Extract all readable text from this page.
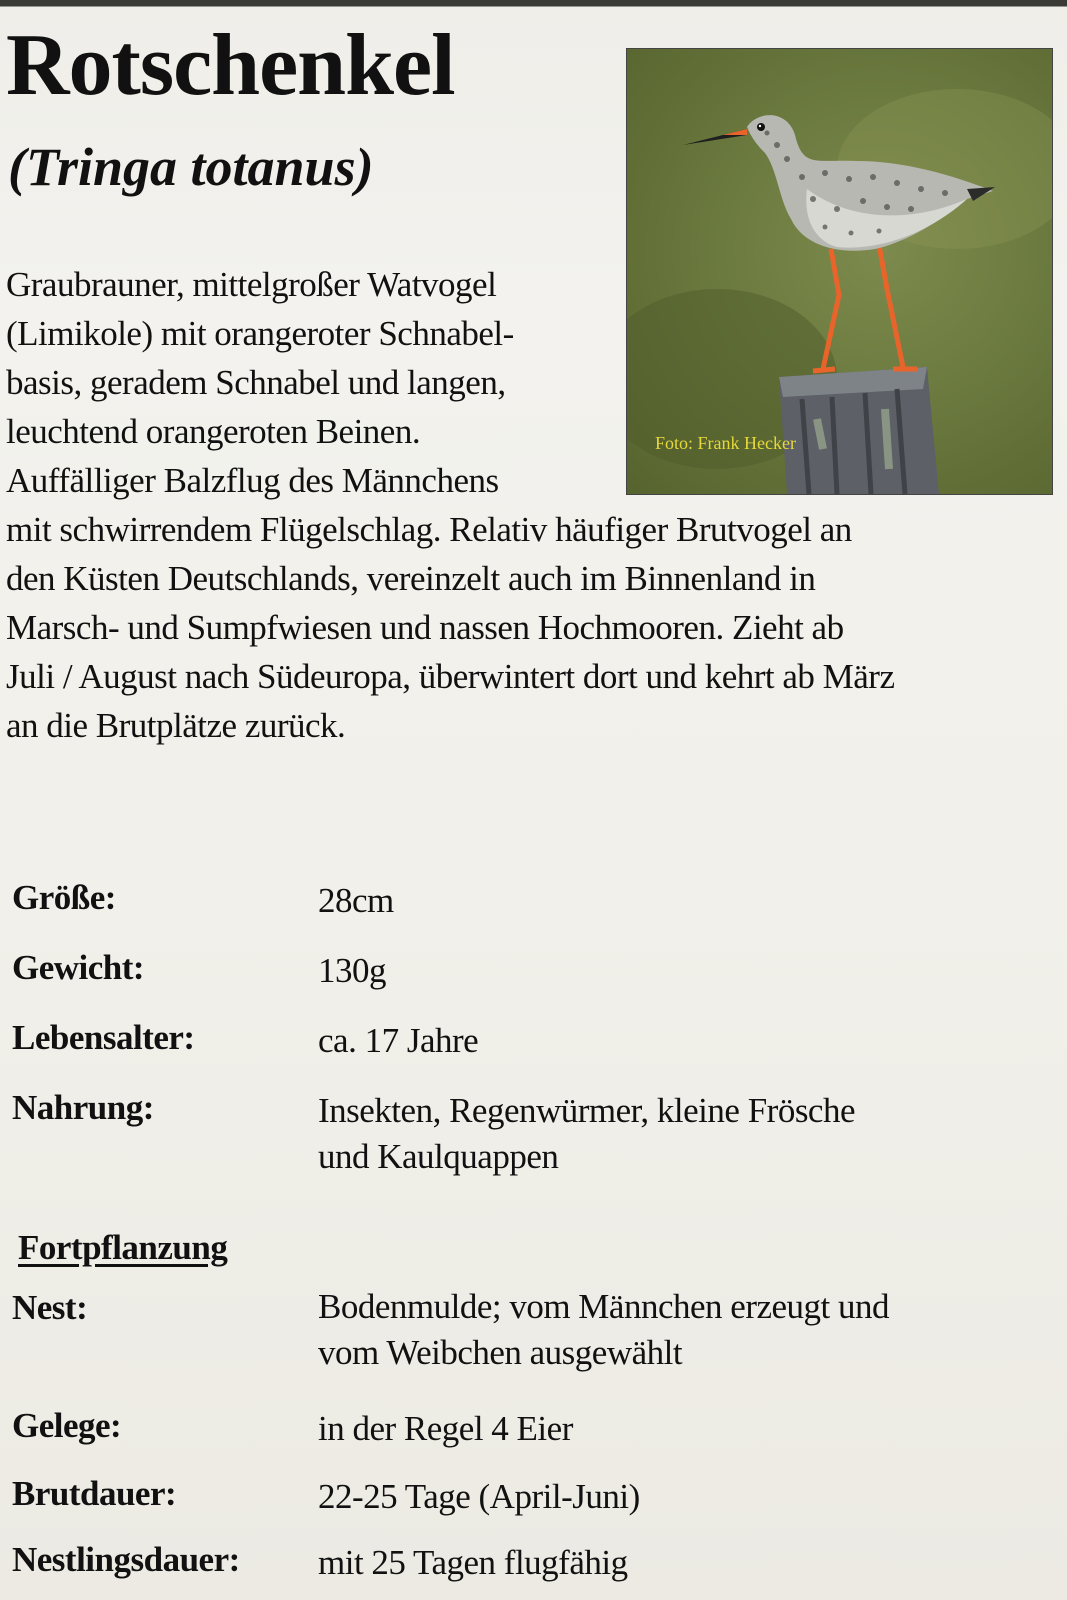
Rotschenkel
(Tringa totanus)
Foto: Frank Hecker
Graubrauner, mittelgroßer Watvogel
(Limikole) mit orangeroter Schnabel-
basis, geradem Schnabel und langen,
leuchtend orangeroten Beinen.
Auffälliger Balzflug des Männchens
mit schwirrendem Flügelschlag. Relativ häufiger Brutvogel an
den Küsten Deutschlands, vereinzelt auch im Binnenland in
Marsch- und Sumpfwiesen und nassen Hochmooren. Zieht ab
Juli / August nach Südeuropa, überwintert dort und kehrt ab März
an die Brutplätze zurück.
Größe:	28cm
Gewicht:	130g
Lebensalter:	ca. 17 Jahre
Nahrung:	Insekten, Regenwürmer, kleine Frösche
und Kaulquappen
Fortpflanzung
Nest:	Bodenmulde; vom Männchen erzeugt und
vom Weibchen ausgewählt
Gelege:	in der Regel 4 Eier
Brutdauer:	22-25 Tage (April-Juni)
Nestlingsdauer: mit 25 Tagen flugfähig
